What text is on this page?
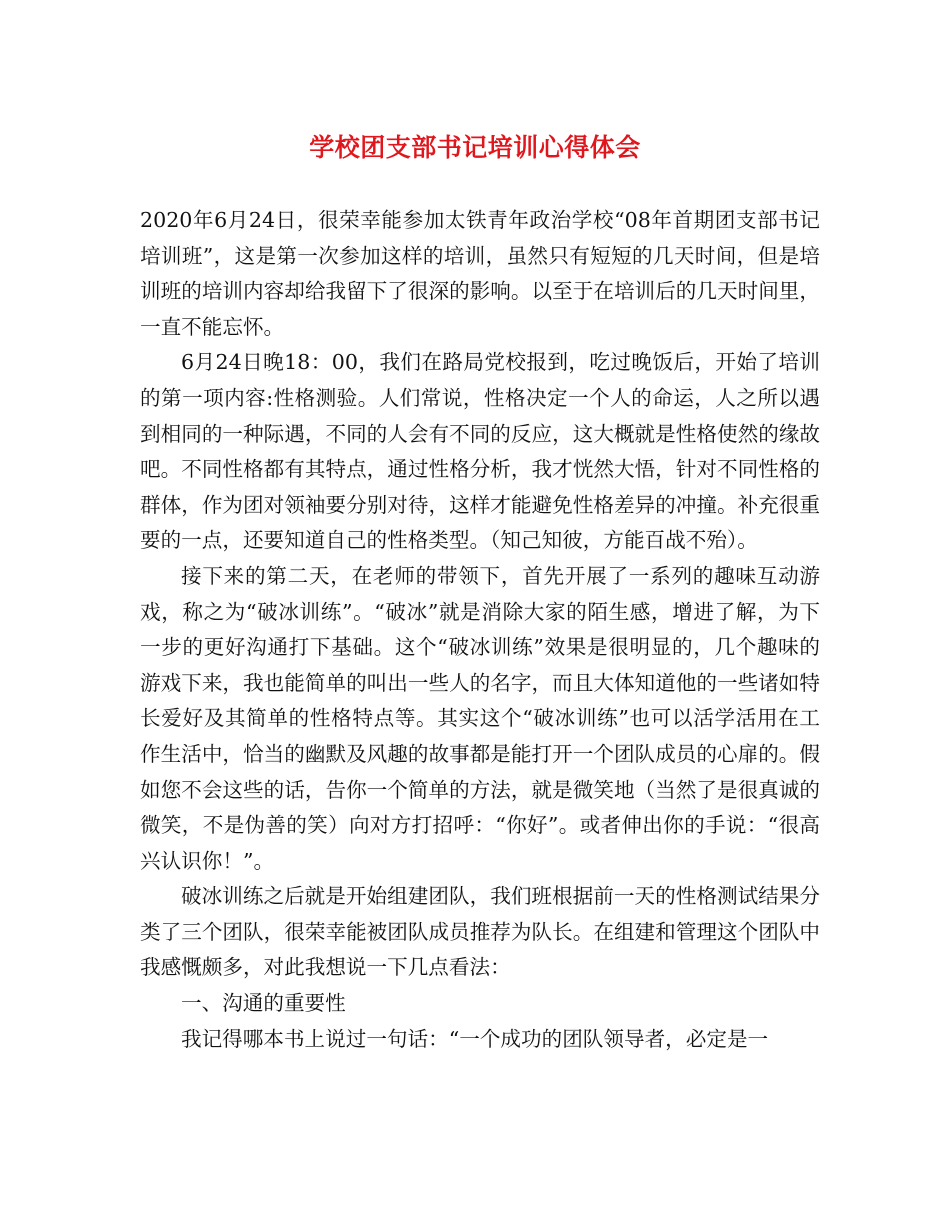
学校团支部书记培训心得体会

2020年6月24日，很荣幸能参加太铁青年政治学校“08年首期团支部书记培训班”，这是第一次参加这样的培训，虽然只有短短的几天时间，但是培训班的培训内容却给我留下了很深的影响。以至于在培训后的几天时间里，一直不能忘怀。

6月24日晚18：00，我们在路局党校报到，吃过晚饭后，开始了培训的第一项内容:性格测验。人们常说，性格决定一个人的命运，人之所以遇到相同的一种际遇，不同的人会有不同的反应，这大概就是性格使然的缘故吧。不同性格都有其特点，通过性格分析，我才恍然大悟，针对不同性格的群体，作为团对领袖要分别对待，这样才能避免性格差异的冲撞。补充很重要的一点，还要知道自己的性格类型。（知己知彼，方能百战不殆）。

接下来的第二天，在老师的带领下，首先开展了一系列的趣味互动游戏，称之为“破冰训练”。“破冰”就是消除大家的陌生感，增进了解，为下一步的更好沟通打下基础。这个“破冰训练”效果是很明显的，几个趣味的游戏下来，我也能简单的叫出一些人的名字，而且大体知道他的一些诸如特长爱好及其简单的性格特点等。其实这个“破冰训练”也可以活学活用在工作生活中，恰当的幽默及风趣的故事都是能打开一个团队成员的心扉的。假如您不会这些的话，告你一个简单的方法，就是微笑地（当然了是很真诚的微笑，不是伪善的笑）向对方打招呼：“你好”。或者伸出你的手说：“很高兴认识你！”。

破冰训练之后就是开始组建团队，我们班根据前一天的性格测试结果分类了三个团队，很荣幸能被团队成员推荐为队长。在组建和管理这个团队中我感慨颇多，对此我想说一下几点看法：

一、沟通的重要性

我记得哪本书上说过一句话：“一个成功的团队领导者，必定是一
